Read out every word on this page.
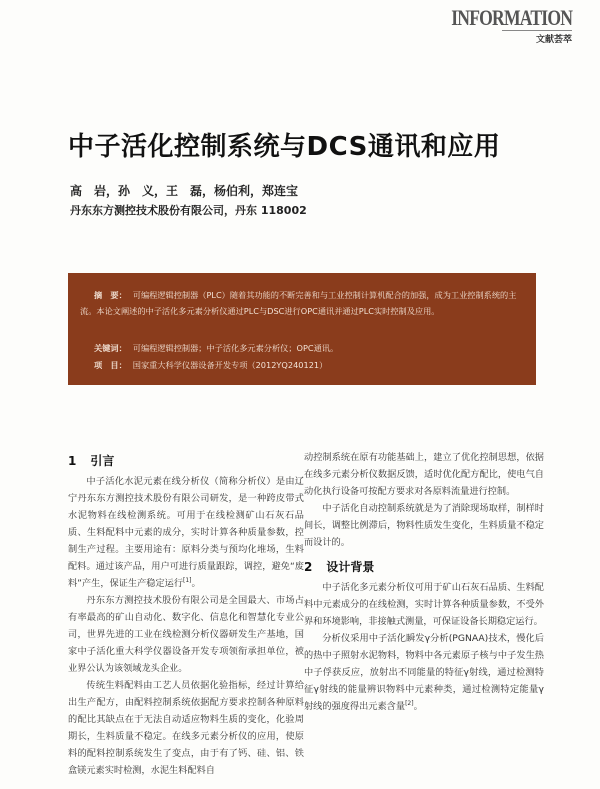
INFORMATION
文献荟萃
中子活化控制系统与DCS通讯和应用
高　岩，孙　义，王　磊，杨伯利，郑连宝
丹东东方测控技术股份有限公司，丹东 118002

摘　要： 可编程逻辑控制器（PLC）随着其功能的不断完善和与工业控制计算机配合的加强，成为工业控制系统的主流。本论文阐述的中子活化多元素分析仪通过PLC与DSC进行OPC通讯并通过PLC实时控制及应用。

关键词： 可编程逻辑控制器；中子活化多元素分析仪；OPC通讯。

项　目： 国家重大科学仪器设备开发专项（2012YQ240121）

1 引言

中子活化水泥元素在线分析仪（简称分析仪）是由辽宁丹东东方测控技术股份有限公司研发，是一种跨皮带式水泥物料在线检测系统。可用于在线检测矿山石灰石品质、生料配料中元素的成分，实时计算各种质量参数，控制生产过程。主要用途有：原料分类与预均化堆场，生料配料。通过该产品，用户可进行质量跟踪，调控，避免“废料”产生，保证生产稳定运行[1]。

丹东东方测控技术股份有限公司是全国最大、市场占有率最高的矿山自动化、数字化、信息化和智慧化专业公司，世界先进的工业在线检测分析仪器研发生产基地，国家中子活化重大科学仪器设备开发专项领衔承担单位，被业界公认为该领域龙头企业。

传统生料配料由工艺人员依据化验指标，经过计算给出生产配方，由配料控制系统依据配方要求控制各种原料的配比其缺点在于无法自动适应物料生质的变化，化验周期长，生料质量不稳定。在线多元素分析仪的应用，使原料的配料控制系统发生了变点，由于有了钙、硅、铝、铁盒镁元素实时检测，水泥生料配料自

动控制系统在原有功能基础上，建立了优化控制思想，依据在线多元素分析仪数据反馈，适时优化配方配比，使电气自动化执行设备可按配方要求对各原料流量进行控制。

中子活化自动控制系统就是为了消除现场取样，制样时间长，调整比例滞后，物料性质发生变化，生料质量不稳定而设计的。

2 设计背景

中子活化多元素分析仪可用于矿山石灰石品质、生料配料中元素成分的在线检测，实时计算各种质量参数，不受外界和环境影响，非接触式测量，可保证设备长期稳定运行。

分析仪采用中子活化瞬发γ分析(PGNAA)技术，慢化后的热中子照射水泥物料，物料中各元素原子核与中子发生热中子俘获反应，放射出不同能量的特征γ射线，通过检测特征γ射线的能量辨识物料中元素种类，通过检测特定能量γ射线的强度得出元素含量[2]。
